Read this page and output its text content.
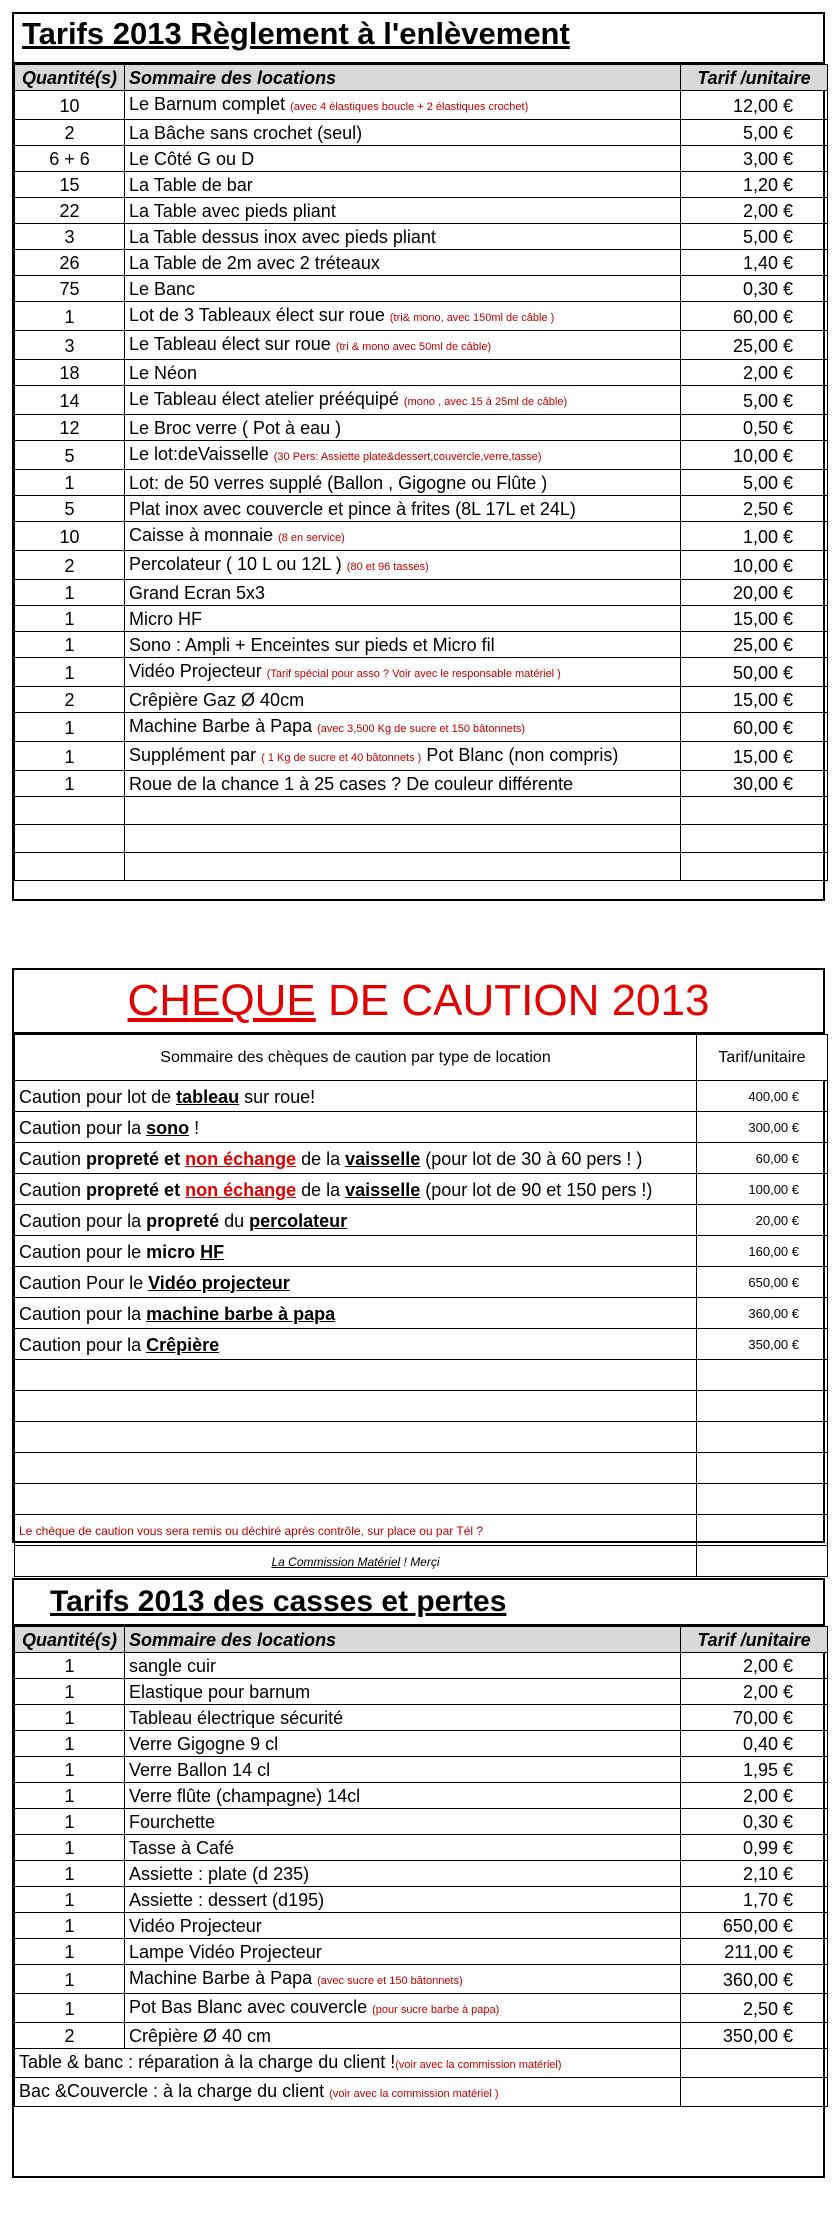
Tarifs 2013 Règlement à l'enlèvement
Quantité(s)	Sommaire des locations	Tarif /unitaire
10	Le Barnum complet (avec 4 élastiques boucle + 2 élastiques crochet)	12,00 €
2	La Bâche sans crochet (seul)	5,00 €
6 + 6	Le Côté G ou D	3,00 €
15	La Table de bar	1,20 €
22	La Table avec pieds pliant	2,00 €
3	La Table dessus inox avec pieds pliant	5,00 €
26	La Table de 2m avec 2 tréteaux	1,40 €
75	Le Banc	0,30 €
1	Lot de 3 Tableaux élect sur roue (tri& mono, avec 150ml de câble )	60,00 €
3	Le Tableau élect sur roue (tri & mono avec 50ml de câble)	25,00 €
18	Le Néon	2,00 €
14	Le Tableau élect atelier prééquipé (mono , avec 15 à 25ml de câble)	5,00 €
12	Le Broc verre ( Pot à eau )	0,50 €
5	Le lot:deVaisselle (30 Pers: Assiette plate&dessert,couvercle,verre,tasse)	10,00 €
1	Lot: de 50 verres supplé (Ballon , Gigogne ou Flûte )	5,00 €
5	Plat inox avec couvercle et pince à frites (8L 17L et 24L)	2,50 €
10	Caisse à monnaie (8 en service)	1,00 €
2	Percolateur ( 10 L ou 12L ) (80 et 96 tasses)	10,00 €
1	Grand Ecran 5x3	20,00 €
1	Micro HF	15,00 €
1	Sono : Ampli + Enceintes sur pieds et Micro fil	25,00 €
1	Vidéo Projecteur (Tarif spécial pour asso ? Voir avec le responsable matériel )	50,00 €
2	Crêpière Gaz Ø 40cm	15,00 €
1	Machine Barbe à Papa (avec 3,500 Kg de sucre et 150 bâtonnets)	60,00 €
1	Supplément par ( 1 Kg de sucre et 40 bâtonnets ) Pot Blanc (non compris)	15,00 €
1	Roue de la chance 1 à 25 cases ? De couleur différente	30,00 €

CHEQUE DE CAUTION 2013
Sommaire des chèques de caution par type de location	Tarif/unitaire
Caution pour lot de tableau sur roue!	400,00 €
Caution pour la sono !	300,00 €
Caution propreté et non échange de la vaisselle (pour lot de 30 à 60 pers ! )	60,00 €
Caution propreté et non échange de la vaisselle (pour lot de 90 et 150 pers !)	100,00 €
Caution pour la propreté du percolateur	20,00 €
Caution pour le micro HF	160,00 €
Caution Pour le Vidéo projecteur	650,00 €
Caution pour la machine barbe à papa	360,00 €
Caution pour la Crêpière	350,00 €

Le chèque de caution vous sera remis ou déchiré après contrôle, sur place ou par Tél ?	
La Commission Matériel ! Merçi	
Tarifs 2013 des casses et pertes
Quantité(s)	Sommaire des locations	Tarif /unitaire
1	sangle cuir	2,00 €
1	Elastique pour barnum	2,00 €
1	Tableau électrique sécurité	70,00 €
1	Verre Gigogne 9 cl	0,40 €
1	Verre Ballon 14 cl	1,95 €
1	Verre flûte (champagne) 14cl	2,00 €
1	Fourchette	0,30 €
1	Tasse à Café	0,99 €
1	Assiette : plate (d 235)	2,10 €
1	Assiette : dessert (d195)	1,70 €
1	Vidéo Projecteur	650,00 €
1	Lampe Vidéo Projecteur	211,00 €
1	Machine Barbe à Papa (avec sucre et 150 bâtonnets)	360,00 €
1	Pot Bas Blanc avec couvercle (pour sucre barbe à papa)	2,50 €
2	Crêpière Ø 40 cm	350,00 €
Table & banc : réparation à la charge du client !(voir avec la commission matériel)		
Bac &Couvercle : à la charge du client (voir avec la commission matériel )		
